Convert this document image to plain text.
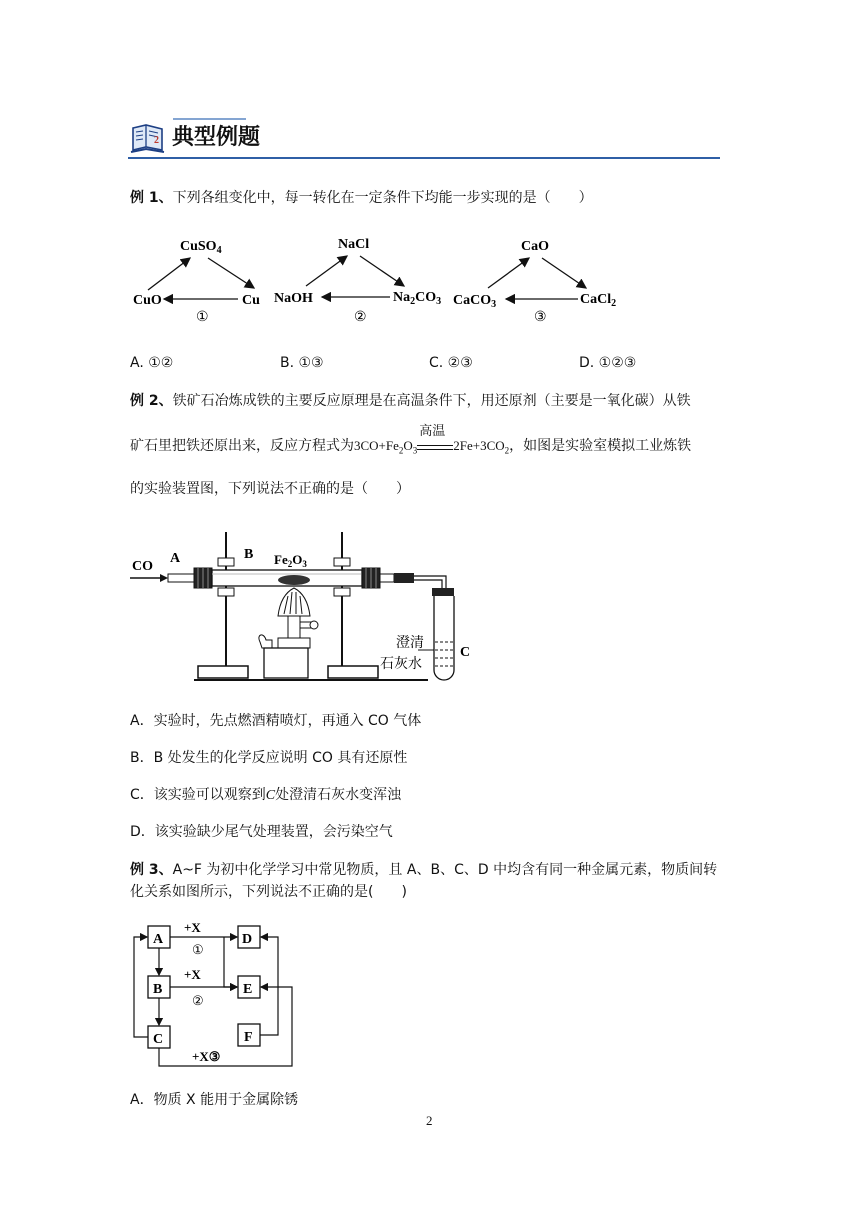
2 典型例题
例 1、下列各组变化中，每一转化在一定条件下均能一步实现的是（　　）
CuSO$_4$
CuO	Cu
①
NaCl
NaOH	$Na_2CO_3$
②
CaO
CaCO$_3$	CaCl$_2$
③
A. ①②	B. ①③	C. ②③	D. ①②③
例 2、铁矿石冶炼成铁的主要反应原理是在高温条件下，用还原剂（主要是一氧化碳）从铁
矿石里把铁还原出来，反应方程式为$3CO+Fe_2O_3$
高温
$2Fe+3CO_2$，如图是实验室模拟工业炼铁
的实验装置图，下列说法不正确的是（　　）
CO
A	B $Fe_2O_3$
澄清
石灰水
C
A．实验时，先点燃酒精喷灯，再通入 CO 气体
B．B 处发生的化学反应说明 CO 具有还原性
C．该实验可以观察到C处澄清石灰水变浑浊
D．该实验缺少尾气处理装置，会污染空气
例 3、A~F 为初中化学学习中常见物质，且 A、B、C、D 中均含有同一种金属元素，物质间转
化关系如图所示，下列说法不正确的是(　　)
A
B
C
D
E
F
+X
①
+X
②
+X③
A．物质 X 能用于金属除锈
2
